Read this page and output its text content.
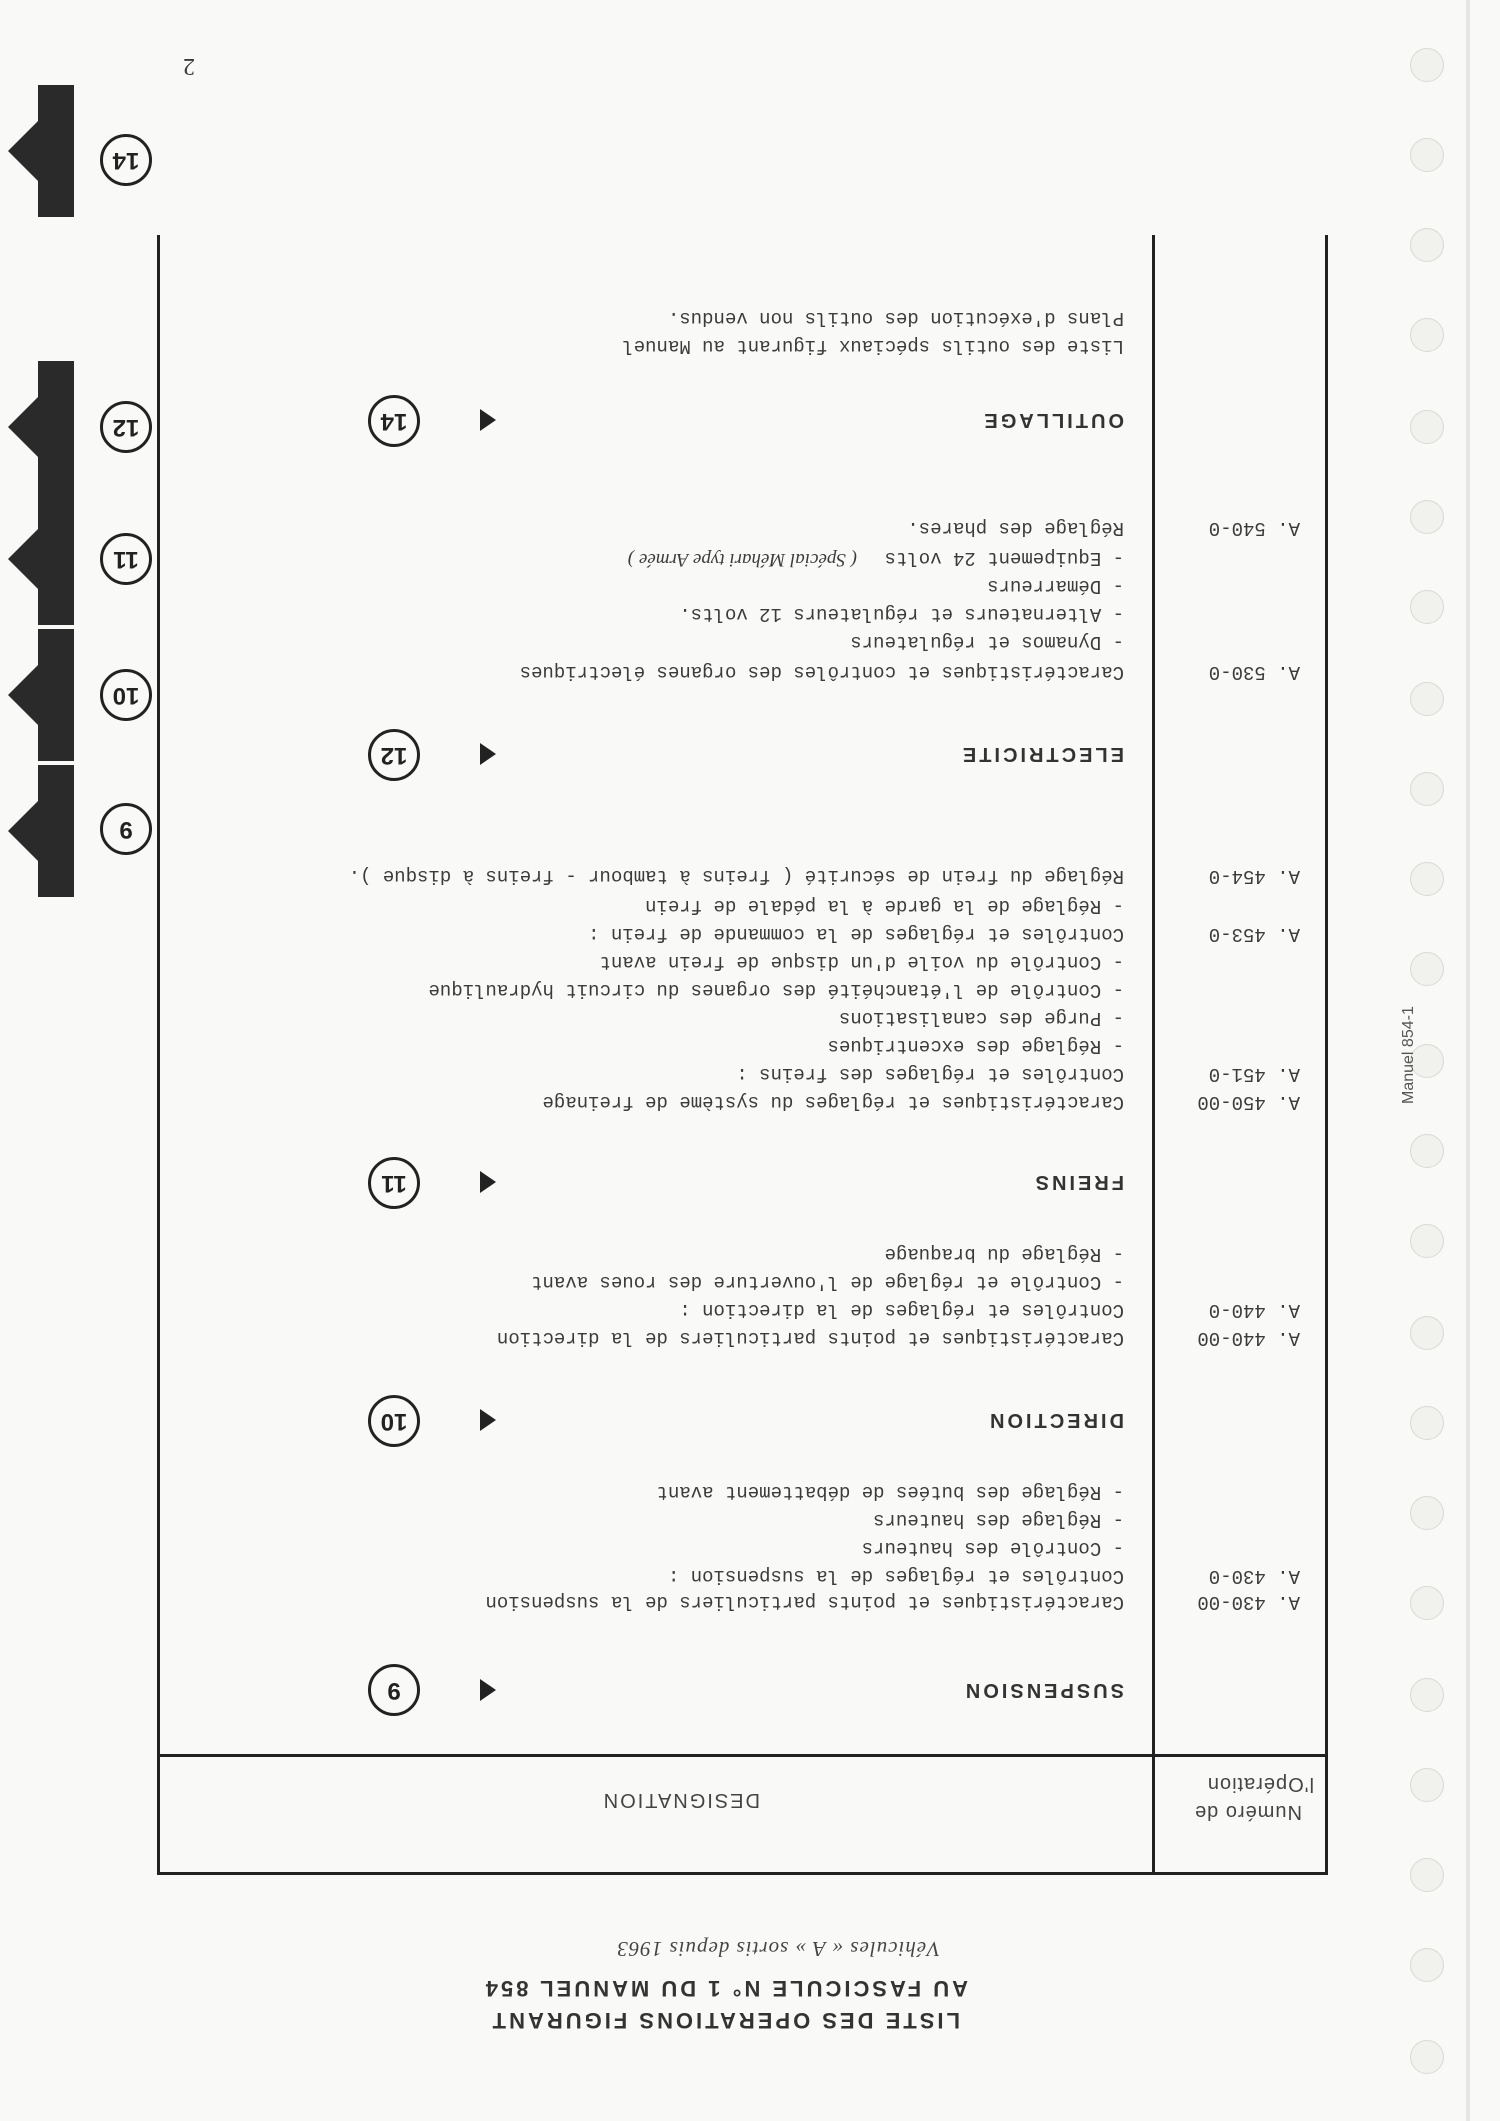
2
LISTE DES OPERATIONS FIGURANT
AU FASCICULE N° 1 DU MANUEL 854
Véhicules « A » sortis depuis 1963
Numéro de
l'Opération
DESIGNATION
Manuel 854-1
SUSPENSION
9
A. 430-00
A. 430-0
Caractéristiques et points particuliers de la suspension
Contrôles et réglages de la suspension :
- Contrôle des hauteurs
- Réglage des hauteurs
- Réglage des butées de débattement avant
DIRECTION
10
A. 440-00
A. 440-0
Caractéristiques et points particuliers de la direction
Contrôles et réglages de la direction :
- Contrôle et réglage de l'ouverture des roues avant
- Réglage du braquage
FREINS
11
A. 450-00
A. 451-0
A. 453-0
A. 454-0
Caractéristiques et réglages du système de freinage
Contrôles et réglages des freins :
- Réglage des excentriques
- Purge des canalisations
- Contrôle de l'étanchéité des organes du circuit hydraulique
- Contrôle du voile d'un disque de frein avant
Contrôles et réglages de la commande de frein :
- Réglage de la garde à la pédale de frein
Réglage du frein de sécurité ( freins à tambour - freins à disque ).
ELECTRICITE
12
A. 530-0
A. 540-0
Caractéristiques et contrôles des organes électriques
- Dynamos et régulateurs
- Alternateurs et régulateurs 12 volts.
- Démarreurs
- Equipement 24 volts
( Spécial Méhari type Armée )
Réglage des phares.
OUTILLAGE
14
Liste des outils spéciaux figurant au Manuel
Plans d'exécution des outils non vendus.
9
10
11
12
14
